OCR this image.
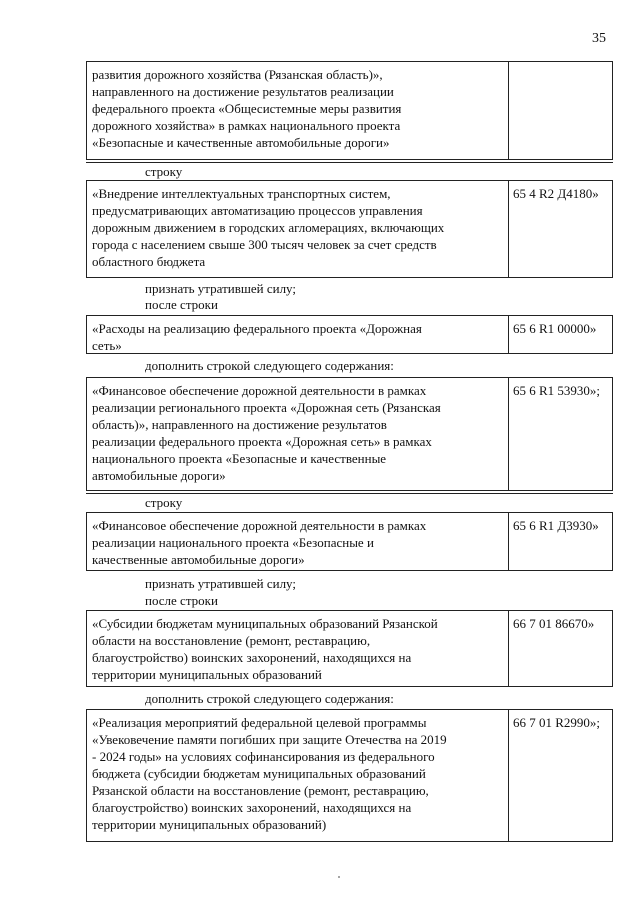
35
развития дорожного хозяйства (Рязанская область)»,
направленного на достижение результатов реализации
федерального проекта «Общесистемные меры развития
дорожного хозяйства» в рамках национального проекта
«Безопасные и качественные автомобильные дороги»
строку
«Внедрение интеллектуальных транспортных систем,
предусматривающих автоматизацию процессов управления
дорожным движением в городских агломерациях, включающих
города с населением свыше 300 тысяч человек за счет средств
областного бюджета
65 4 R2 Д4180»
признать утратившей силу;
после строки
«Расходы на реализацию федерального проекта «Дорожная
сеть»
65 6 R1 00000»
дополнить строкой следующего содержания:
«Финансовое обеспечение дорожной деятельности в рамках
реализации регионального проекта «Дорожная сеть (Рязанская
область)», направленного на достижение результатов
реализации федерального проекта «Дорожная сеть» в рамках
национального проекта «Безопасные и качественные
автомобильные дороги»
65 6 R1 53930»;
строку
«Финансовое обеспечение дорожной деятельности в рамках
реализации национального проекта «Безопасные и
качественные автомобильные дороги»
65 6 R1 Д3930»
признать утратившей силу;
после строки
«Субсидии бюджетам муниципальных образований Рязанской
области на восстановление (ремонт, реставрацию,
благоустройство) воинских захоронений, находящихся на
территории муниципальных образований
66 7 01 86670»
дополнить строкой следующего содержания:
«Реализация мероприятий федеральной целевой программы
«Увековечение памяти погибших при защите Отечества на 2019
- 2024 годы» на условиях софинансирования из федерального
бюджета (субсидии бюджетам муниципальных образований
Рязанской области на восстановление (ремонт, реставрацию,
благоустройство) воинских захоронений, находящихся на
территории муниципальных образований)
66 7 01 R2990»;
